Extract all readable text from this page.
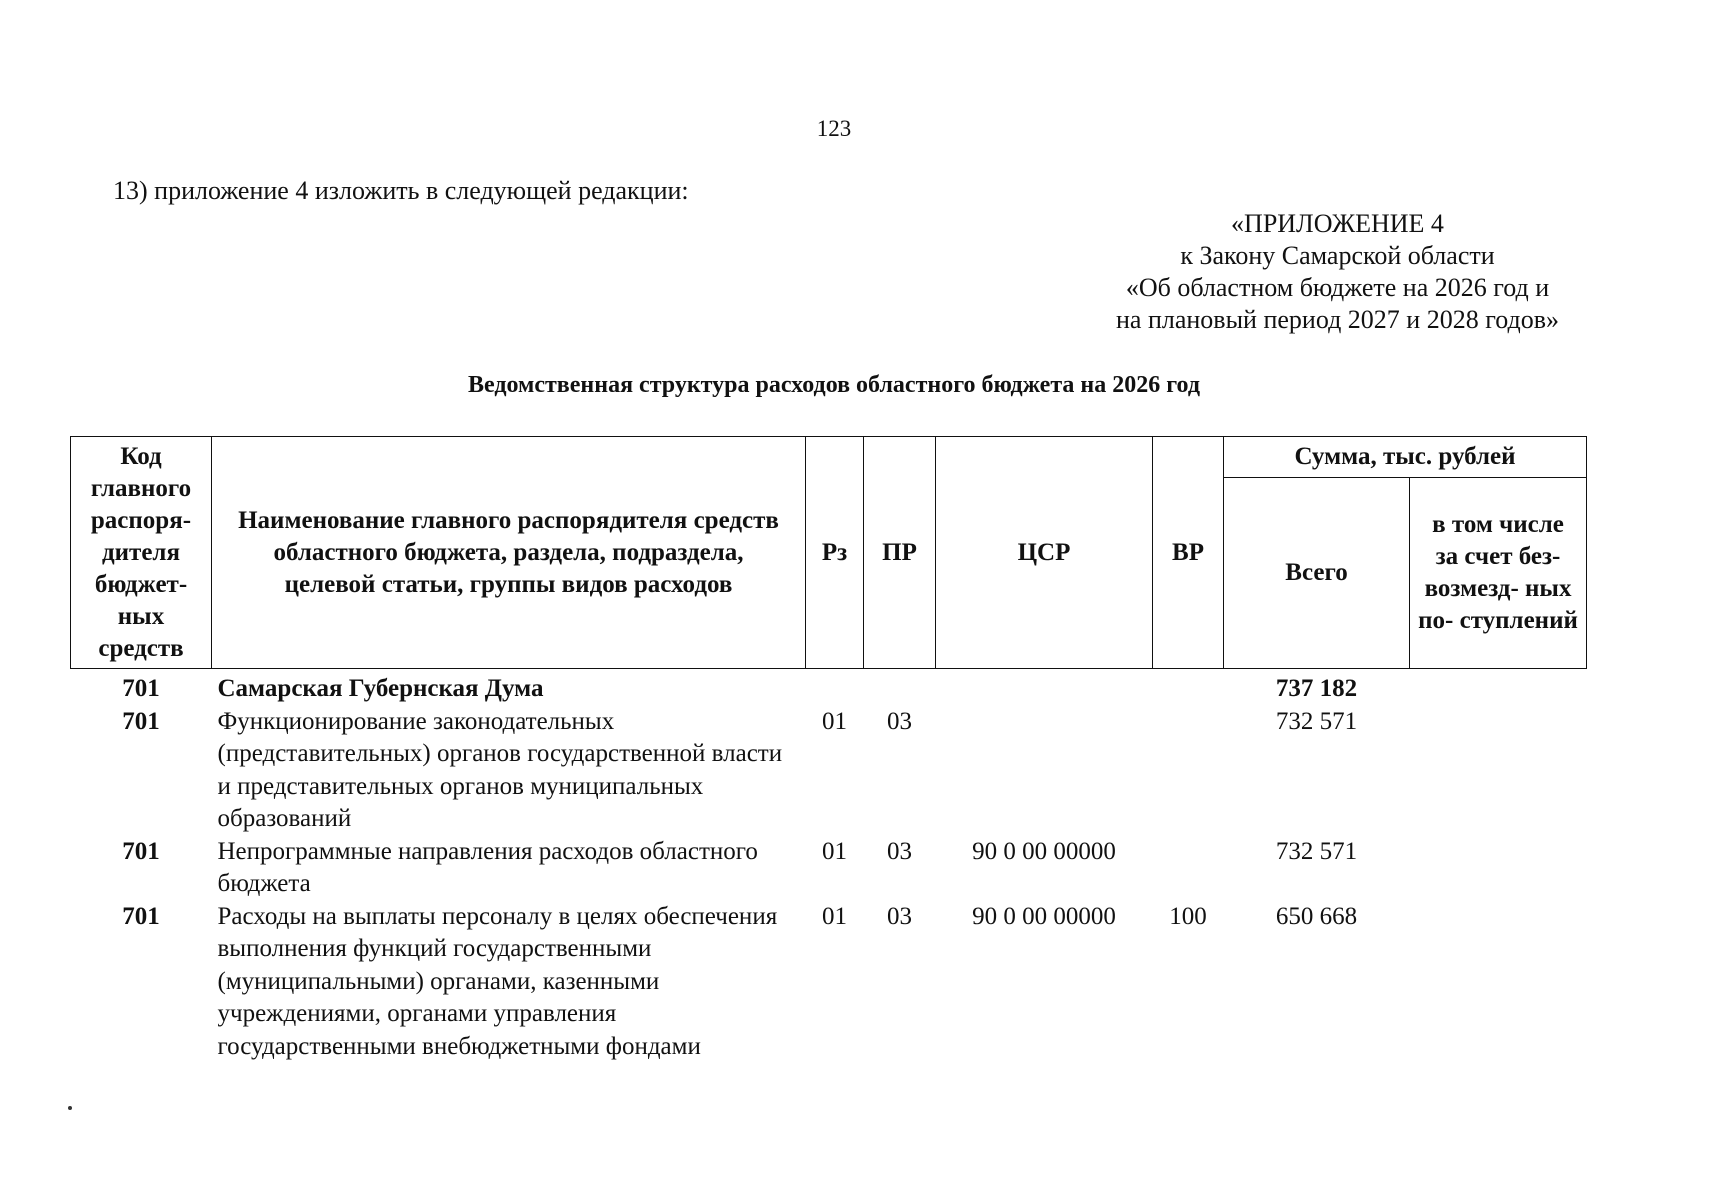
123
13) приложение 4 изложить в следующей редакции:
«ПРИЛОЖЕНИЕ 4
к Закону Самарской области
«Об областном бюджете на 2026 год и
на плановый период 2027 и 2028 годов»
Ведомственная структура расходов областного бюджета на 2026 год
Код главного распоря- дителя бюджет- ных средств	Наименование главного распорядителя средств областного бюджета, раздела, подраздела, целевой статьи, группы видов расходов	Рз	ПР	ЦСР	ВР	Сумма, тыс. рублей	
						Всего	в том числе за счет без- возмезд- ных по- ступлений
701	Самарская Губернская Дума					737 182	
701	Функционирование законодательных (представительных) органов государственной власти и представительных органов муниципальных образований	01	03			732 571	
701	Непрограммные направления расходов областного бюджета	01	03	90 0 00 00000		732 571	
701	Расходы на выплаты персоналу в целях обеспечения выполнения функций государственными (муниципальными) органами, казенными учреждениями, органами управления государственными внебюджетными фондами	01	03	90 0 00 00000	100	650 668	
